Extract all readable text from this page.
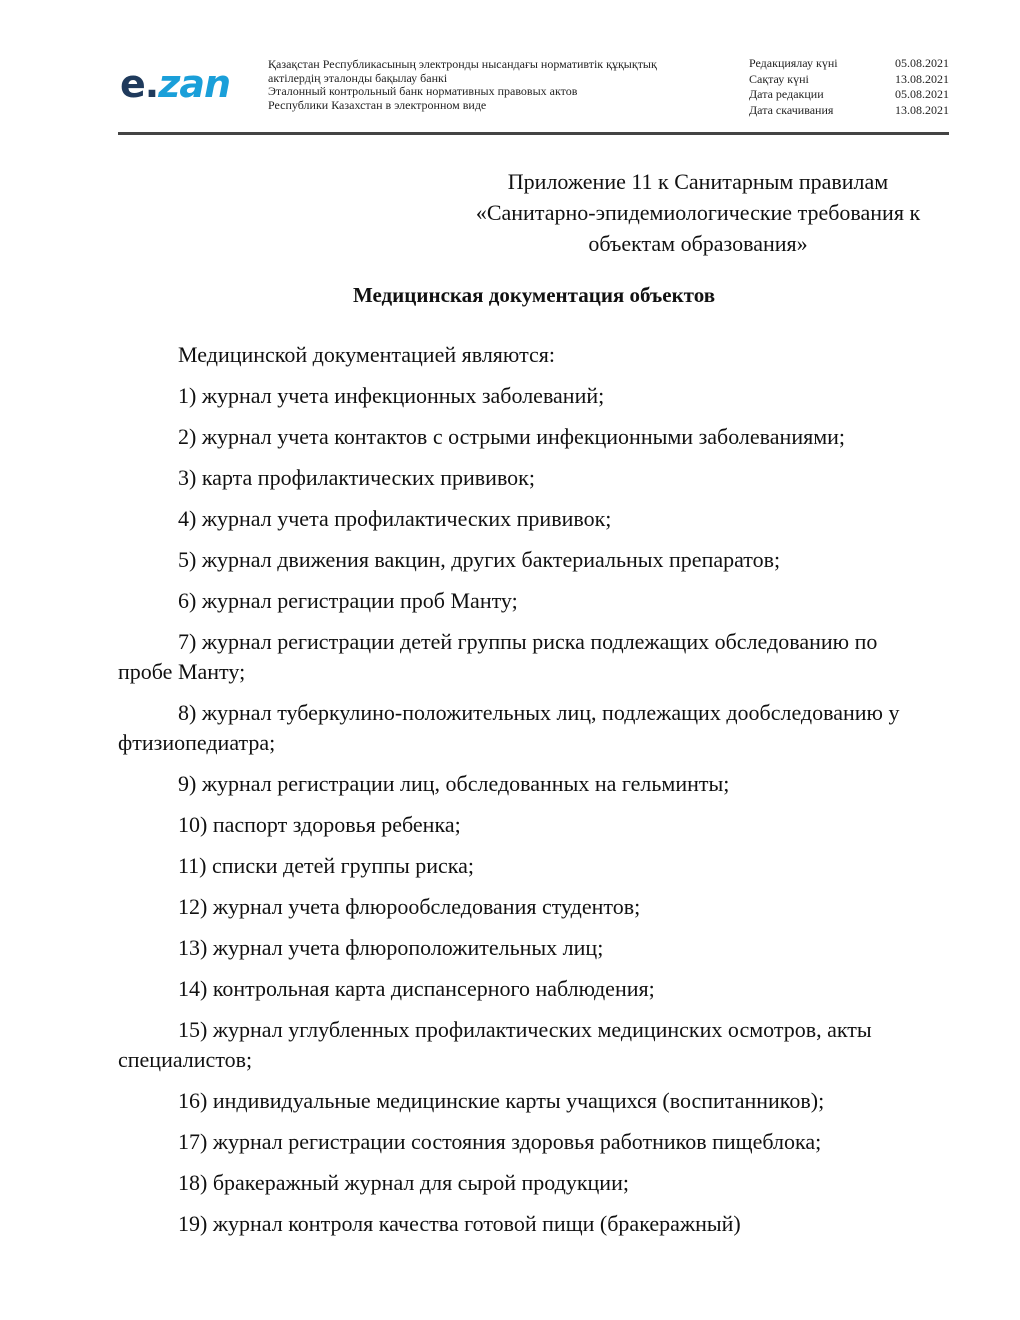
e.zan	Қазақстан Республикасының электронды нысандағы нормативтік құқықтық
актілердің эталонды бақылау банкі
Эталонный контрольный банк нормативных правовых актов
Республики Казахстан в электронном виде
Редакциялау күні	05.08.2021
Сақтау күні	13.08.2021
Дата редакции	05.08.2021
Дата скачивания	13.08.2021
Приложение 11 к Санитарным правилам
«Санитарно-эпидемиологические требования к
объектам образования»
Медицинская документация объектов

Медицинской документацией являются:

1) журнал учета инфекционных заболеваний;

2) журнал учета контактов с острыми инфекционными заболеваниями;

3) карта профилактических прививок;

4) журнал учета профилактических прививок;

5) журнал движения вакцин, других бактериальных препаратов;

6) журнал регистрации проб Манту;

7) журнал регистрации детей группы риска подлежащих обследованию по пробе Манту;

8) журнал туберкулино-положительных лиц, подлежащих дообследованию у фтизиопедиатра;

9) журнал регистрации лиц, обследованных на гельминты;

10) паспорт здоровья ребенка;

11) списки детей группы риска;

12) журнал учета флюрообследования студентов;

13) журнал учета флюроположительных лиц;

14) контрольная карта диспансерного наблюдения;

15) журнал углубленных профилактических медицинских осмотров, акты специалистов;

16) индивидуальные медицинские карты учащихся (воспитанников);

17) журнал регистрации состояния здоровья работников пищеблока;

18) бракеражный журнал для сырой продукции;

19) журнал контроля качества готовой пищи (бракеражный)
